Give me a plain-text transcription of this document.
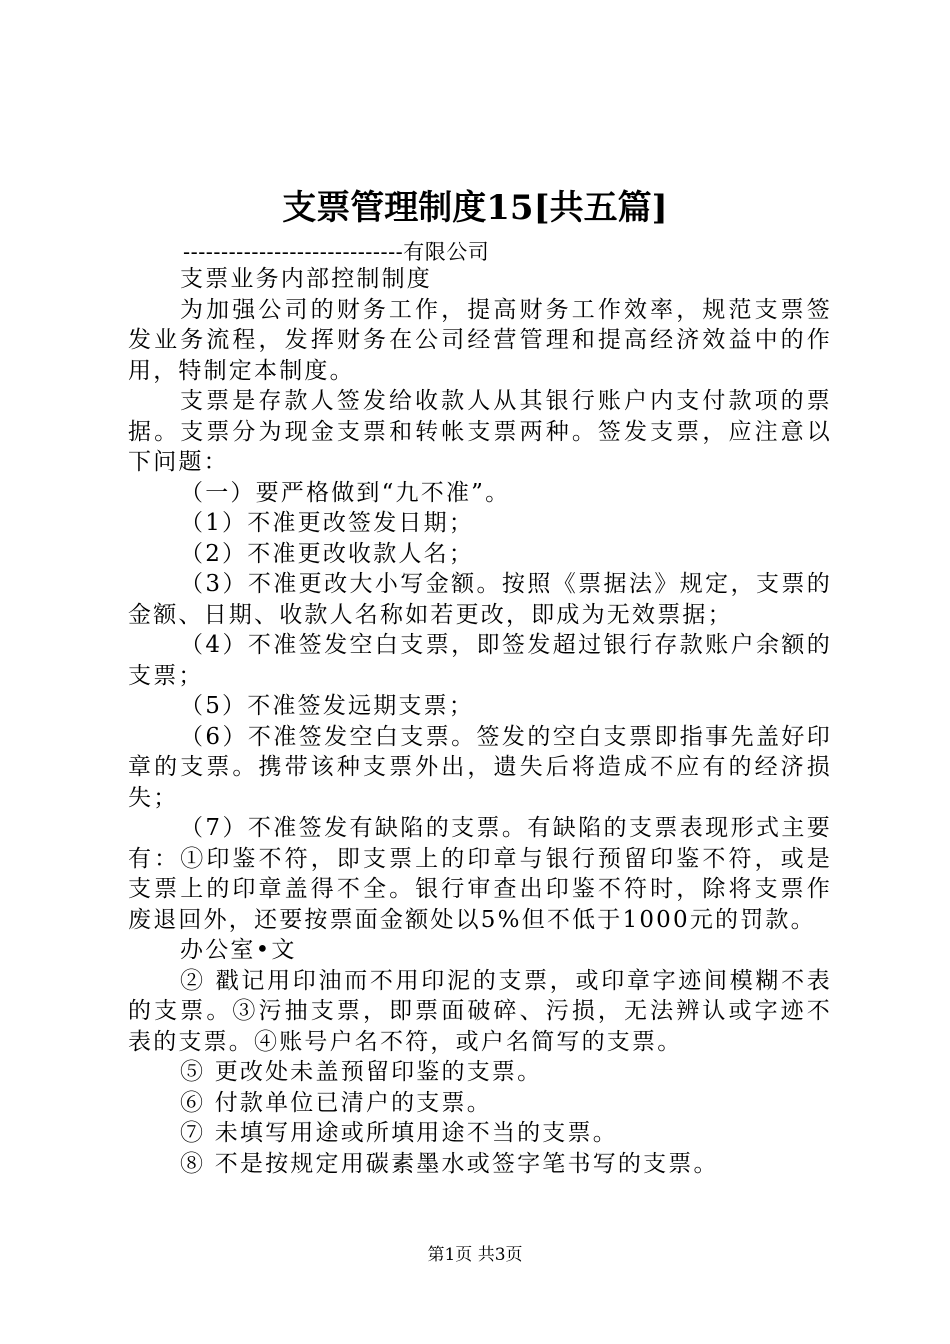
支票管理制度15[共五篇]
-----------------------------有限公司

支票业务内部控制制度

为加强公司的财务工作，提高财务工作效率，规范支票签发业务流程，发挥财务在公司经营管理和提高经济效益中的作用，特制定本制度。

支票是存款人签发给收款人从其银行账户内支付款项的票据。支票分为现金支票和转帐支票两种。签发支票，应注意以下问题：

（一）要严格做到“九不准”。

（1）不准更改签发日期；

（2）不准更改收款人名；

（3）不准更改大小写金额。按照《票据法》规定，支票的金额、日期、收款人名称如若更改，即成为无效票据；

（4）不准签发空白支票，即签发超过银行存款账户余额的支票；

（5）不准签发远期支票；

（6）不准签发空白支票。签发的空白支票即指事先盖好印章的支票。携带该种支票外出，遗失后将造成不应有的经济损失；

（7）不准签发有缺陷的支票。有缺陷的支票表现形式主要有：①印鉴不符，即支票上的印章与银行预留印鉴不符，或是支票上的印章盖得不全。银行审查出印鉴不符时，除将支票作废退回外，还要按票面金额处以5%但不低于1000元的罚款。

办公室•文

② 戳记用印油而不用印泥的支票，或印章字迹间模糊不表的支票。③污抽支票，即票面破碎、污损，无法辨认或字迹不表的支票。④账号户名不符，或户名简写的支票。

⑤ 更改处未盖预留印鉴的支票。

⑥ 付款单位已清户的支票。

⑦ 未填写用途或所填用途不当的支票。

⑧ 不是按规定用碳素墨水或签字笔书写的支票。

第1页 共3页
